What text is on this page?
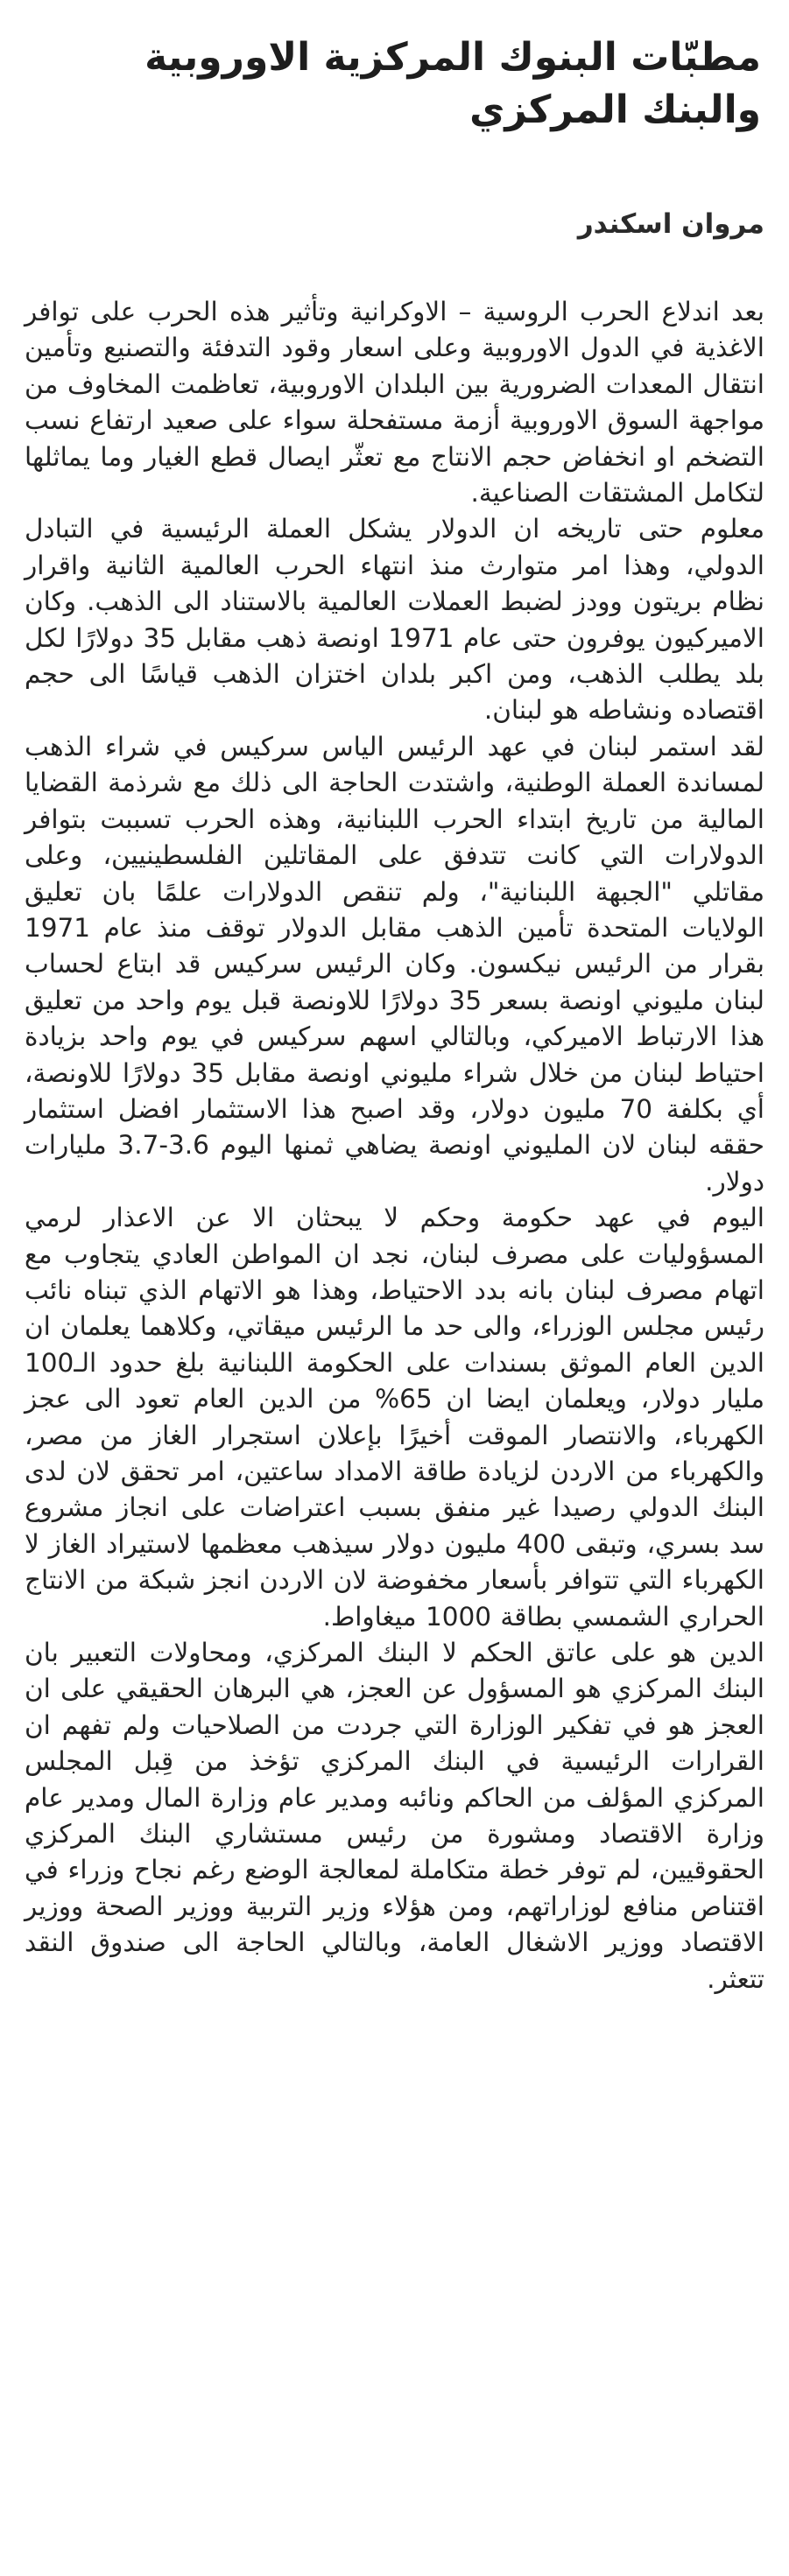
مطبّات البنوك المركزية الاوروبية والبنك المركزي
مروان اسكندر

بعد اندلاع الحرب الروسية – الاوكرانية وتأثير هذه الحرب على توافر الاغذية في الدول الاوروبية وعلى اسعار وقود التدفئة والتصنيع وتأمين انتقال المعدات الضرورية بين البلدان الاوروبية، تعاظمت المخاوف من مواجهة السوق الاوروبية أزمة مستفحلة سواء على صعيد ارتفاع نسب التضخم او انخفاض حجم الانتاج مع تعثّر ايصال قطع الغيار وما يماثلها لتكامل المشتقات الصناعية.

معلوم حتى تاريخه ان الدولار يشكل العملة الرئيسية في التبادل الدولي، وهذا امر متوارث منذ انتهاء الحرب العالمية الثانية واقرار نظام بريتون وودز لضبط العملات العالمية بالاستناد الى الذهب. وكان الاميركيون يوفرون حتى عام 1971 اونصة ذهب مقابل 35 دولارًا لكل بلد يطلب الذهب، ومن اكبر بلدان اختزان الذهب قياسًا الى حجم اقتصاده ونشاطه هو لبنان.

لقد استمر لبنان في عهد الرئيس الياس سركيس في شراء الذهب لمساندة العملة الوطنية، واشتدت الحاجة الى ذلك مع شرذمة القضايا المالية من تاريخ ابتداء الحرب اللبنانية، وهذه الحرب تسببت بتوافر الدولارات التي كانت تتدفق على المقاتلين الفلسطينيين، وعلى مقاتلي "الجبهة اللبنانية"، ولم تنقص الدولارات علمًا بان تعليق الولايات المتحدة تأمين الذهب مقابل الدولار توقف منذ عام 1971 بقرار من الرئيس نيكسون. وكان الرئيس سركيس قد ابتاع لحساب لبنان مليوني اونصة بسعر 35 دولارًا للاونصة قبل يوم واحد من تعليق هذا الارتباط الاميركي، وبالتالي اسهم سركيس في يوم واحد بزيادة احتياط لبنان من خلال شراء مليوني اونصة مقابل 35 دولارًا للاونصة، أي بكلفة 70 مليون دولار، وقد اصبح هذا الاستثمار افضل استثمار حققه لبنان لان المليوني اونصة يضاهي ثمنها اليوم 3.6-3.7 مليارات دولار.

اليوم في عهد حكومة وحكم لا يبحثان الا عن الاعذار لرمي المسؤوليات على مصرف لبنان، نجد ان المواطن العادي يتجاوب مع اتهام مصرف لبنان بانه بدد الاحتياط، وهذا هو الاتهام الذي تبناه نائب رئيس مجلس الوزراء، والى حد ما الرئيس ميقاتي، وكلاهما يعلمان ان الدين العام الموثق بسندات على الحكومة اللبنانية بلغ حدود الـ100 مليار دولار، ويعلمان ايضا ان 65% من الدين العام تعود الى عجز الكهرباء، والانتصار الموقت أخيرًا بإعلان استجرار الغاز من مصر، والكهرباء من الاردن لزيادة طاقة الامداد ساعتين، امر تحقق لان لدى البنك الدولي رصيدا غير منفق بسبب اعتراضات على انجاز مشروع سد بسري، وتبقى 400 مليون دولار سيذهب معظمها لاستيراد الغاز لا الكهرباء التي تتوافر بأسعار مخفوضة لان الاردن انجز شبكة من الانتاج الحراري الشمسي بطاقة 1000 ميغاواط.

الدين هو على عاتق الحكم لا البنك المركزي، ومحاولات التعبير بان البنك المركزي هو المسؤول عن العجز، هي البرهان الحقيقي على ان العجز هو في تفكير الوزارة التي جردت من الصلاحيات ولم تفهم ان القرارات الرئيسية في البنك المركزي تؤخذ من قِبل المجلس المركزي المؤلف من الحاكم ونائبه ومدير عام وزارة المال ومدير عام وزارة الاقتصاد ومشورة من رئيس مستشاري البنك المركزي الحقوقيين، لم توفر خطة متكاملة لمعالجة الوضع رغم نجاح وزراء في اقتناص منافع لوزاراتهم، ومن هؤلاء وزير التربية ووزير الصحة ووزير الاقتصاد ووزير الاشغال العامة، وبالتالي الحاجة الى صندوق النقد تتعثر.
